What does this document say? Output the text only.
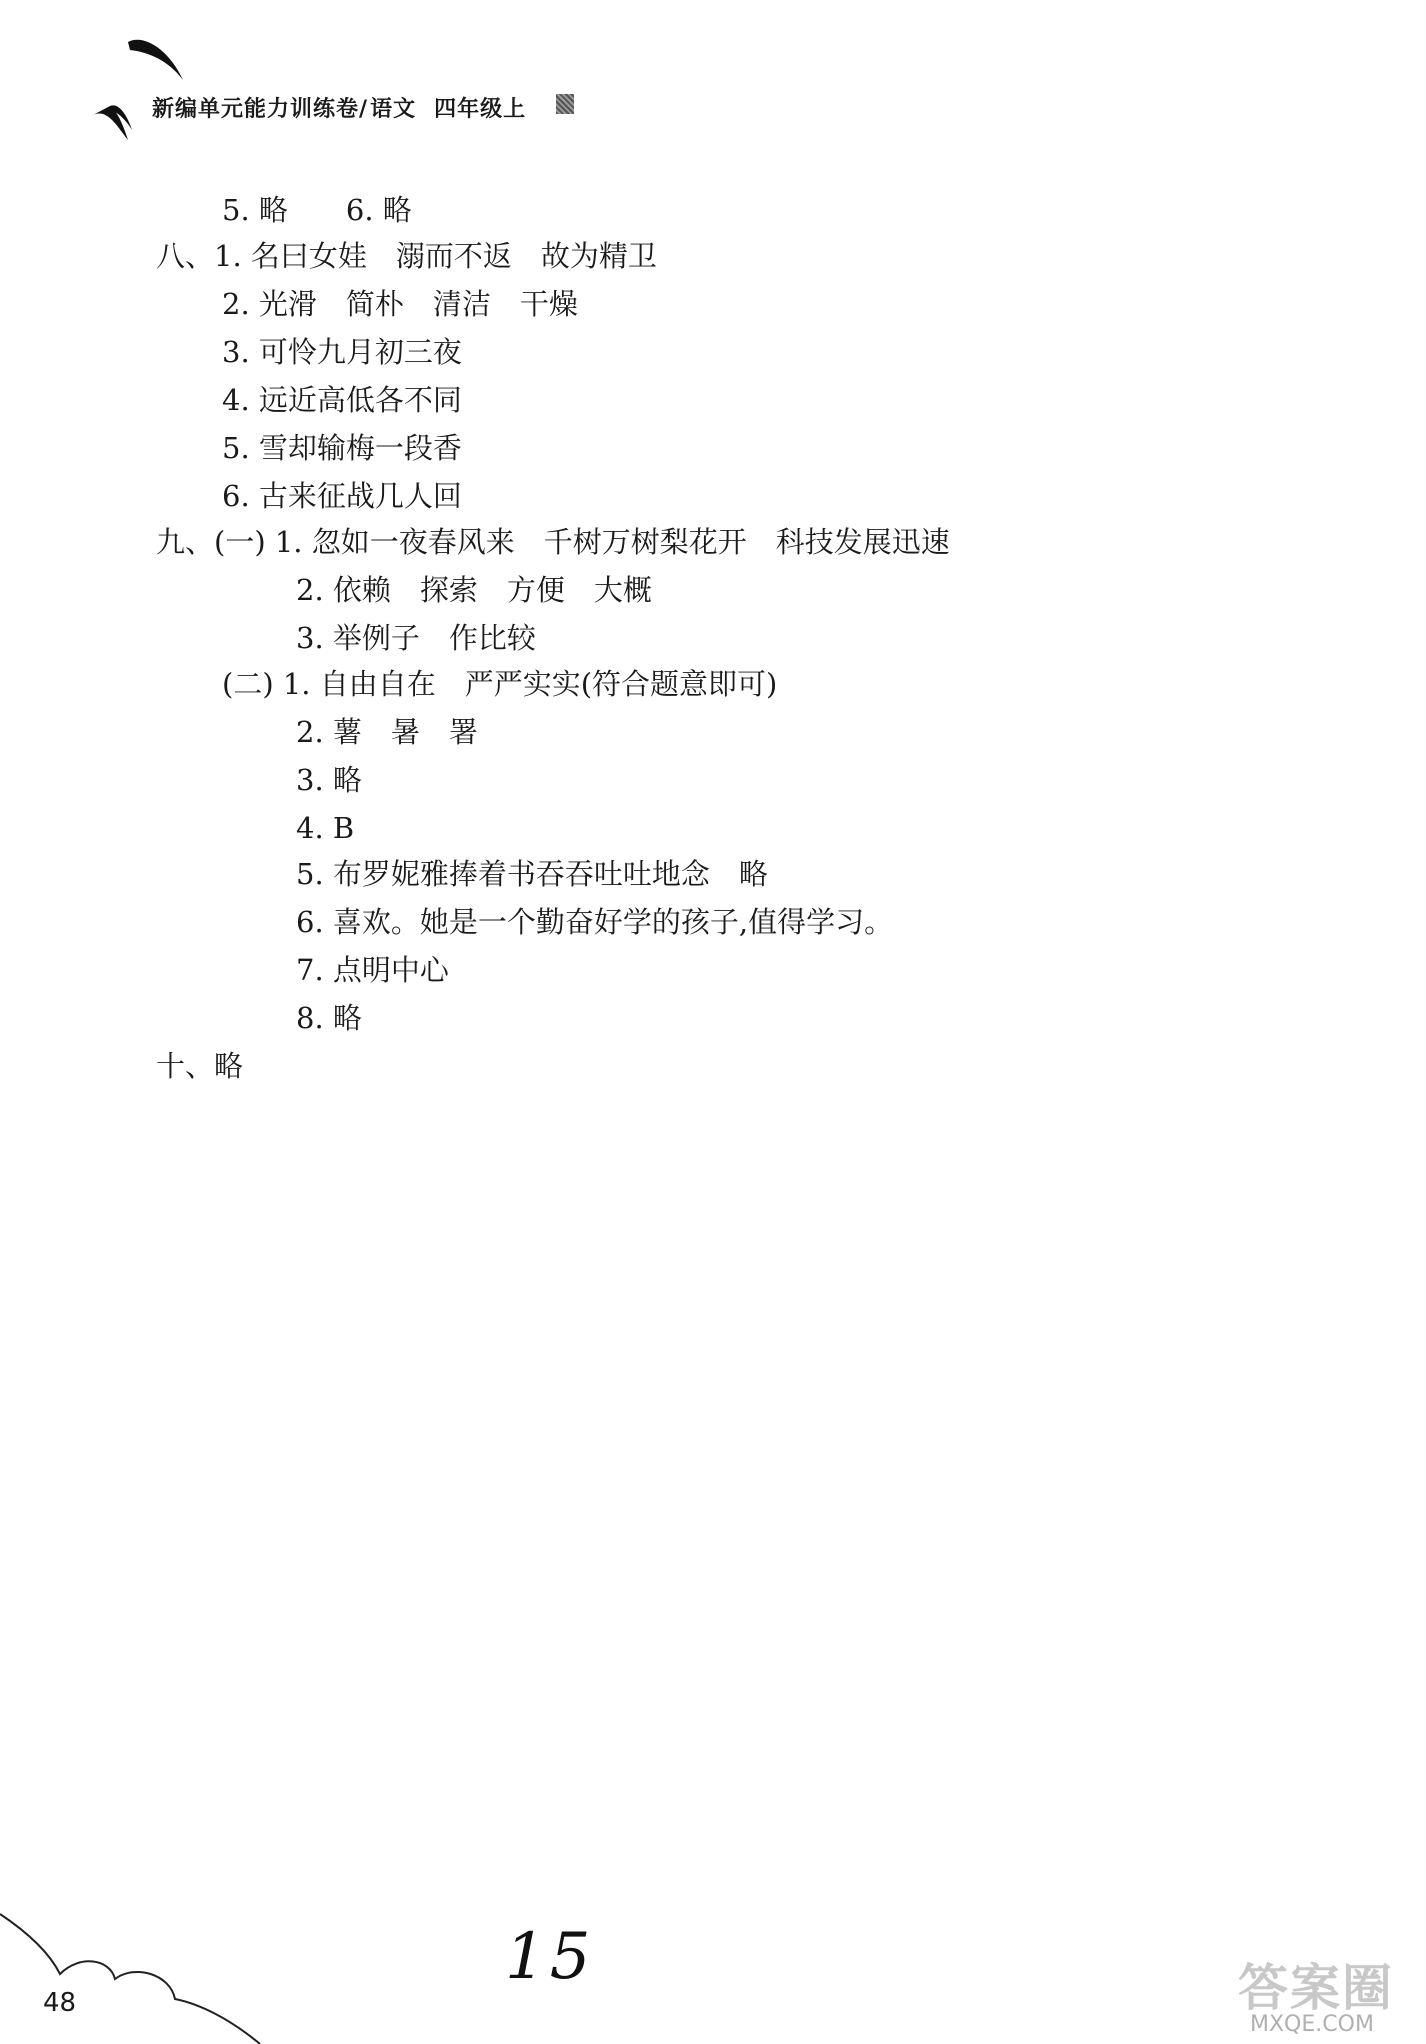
新编单元能力训练卷/语文 四年级上
5. 略　　6. 略
八、1. 名曰女娃　溺而不返　故为精卫
2. 光滑　简朴　清洁　干燥
3. 可怜九月初三夜
4. 远近高低各不同
5. 雪却输梅一段香
6. 古来征战几人回
九、(一) 1. 忽如一夜春风来　千树万树梨花开　科技发展迅速
2. 依赖　探索　方便　大概
3. 举例子　作比较
(二) 1. 自由自在　严严实实(符合题意即可)
2. 薯　暑　署
3. 略
4. B
5. 布罗妮雅捧着书吞吞吐吐地念　略
6. 喜欢。她是一个勤奋好学的孩子,值得学习。
7. 点明中心
8. 略
十、略
48
15	答案圈
MXQE.COM
